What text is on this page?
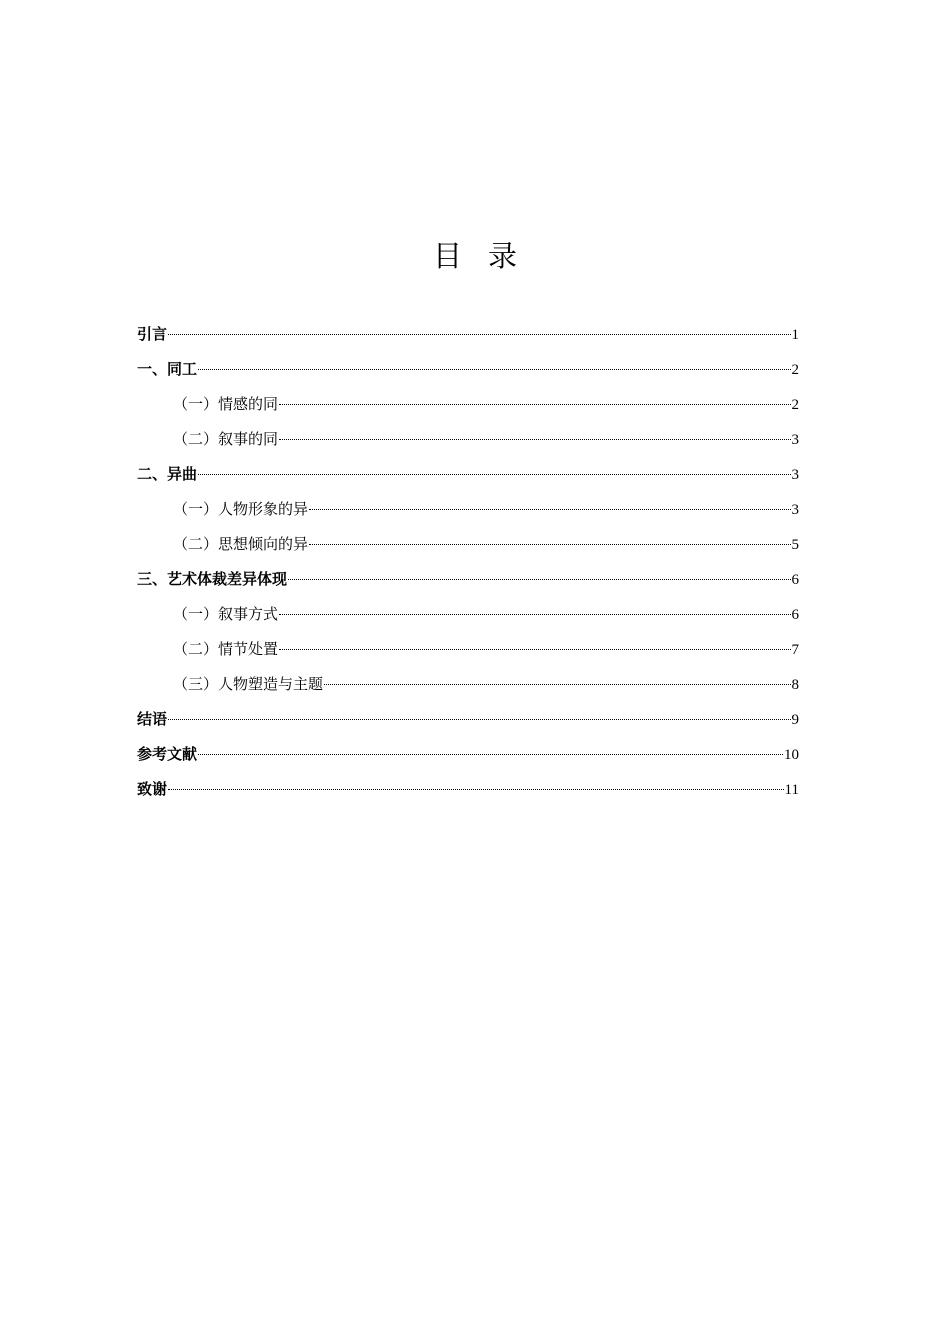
目录
引言	1
一、同工	2
（一）情感的同	2
（二）叙事的同	3
二、异曲	3
（一）人物形象的异	3
（二）思想倾向的异	5
三、艺术体裁差异体现	6
（一）叙事方式	6
（二）情节处置	7
（三）人物塑造与主题	8
结语	9
参考文献	10
致谢	11
